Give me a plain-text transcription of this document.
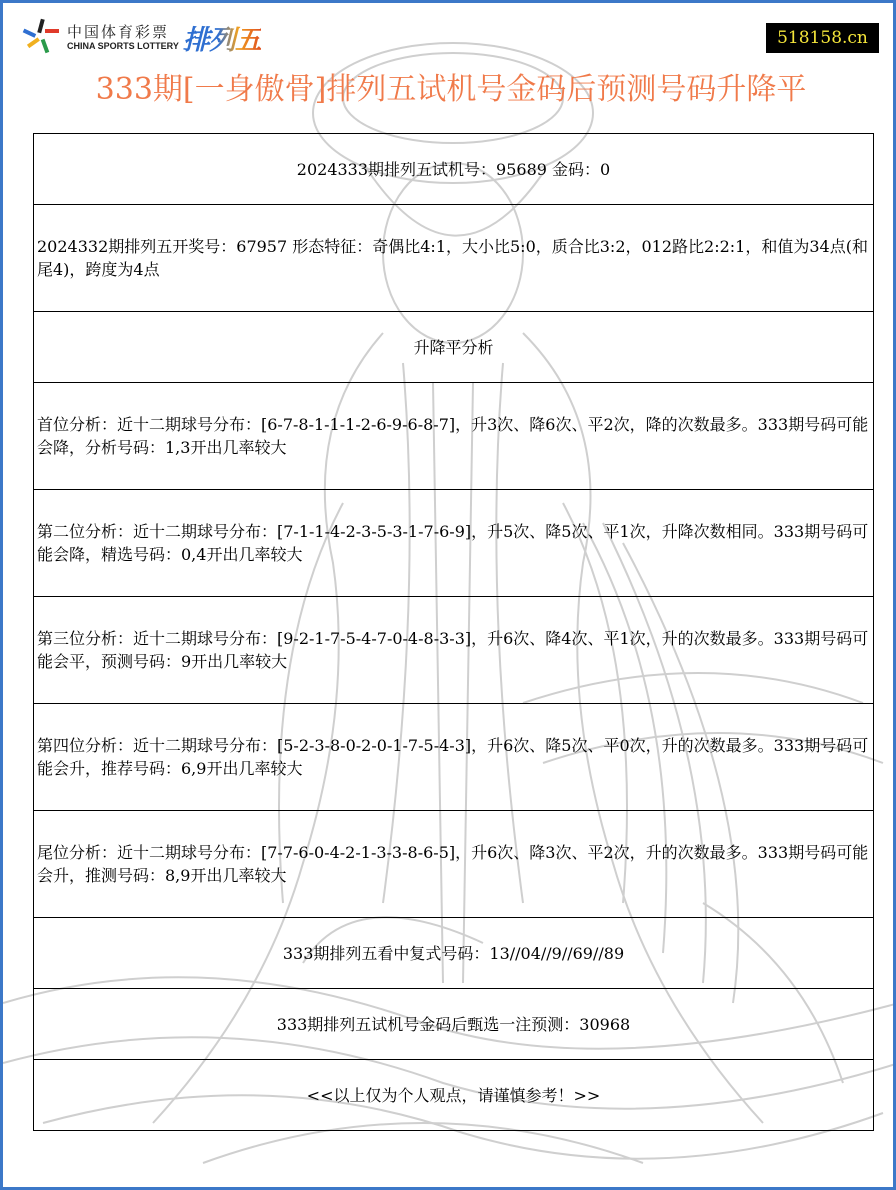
中国体育彩票
CHINA SPORTS LOTTERY 排列五	518158.cn
333期[一身傲骨]排列五试机号金码后预测号码升降平
2024333期排列五试机号：95689 金码：0
2024332期排列五开奖号：67957 形态特征：奇偶比4:1，大小比5:0，质合比3:2，012路比2:2:1，和值为34点(和尾4)，跨度为4点
升降平分析
首位分析：近十二期球号分布：[6-7-8-1-1-1-2-6-9-6-8-7]，升3次、降6次、平2次，降的次数最多。333期号码可能会降，分析号码：1,3开出几率较大
第二位分析：近十二期球号分布：[7-1-1-4-2-3-5-3-1-7-6-9]，升5次、降5次、平1次，升降次数相同。333期号码可能会降，精选号码：0,4开出几率较大
第三位分析：近十二期球号分布：[9-2-1-7-5-4-7-0-4-8-3-3]，升6次、降4次、平1次，升的次数最多。333期号码可能会平，预测号码：9开出几率较大
第四位分析：近十二期球号分布：[5-2-3-8-0-2-0-1-7-5-4-3]，升6次、降5次、平0次，升的次数最多。333期号码可能会升，推荐号码：6,9开出几率较大
尾位分析：近十二期球号分布：[7-7-6-0-4-2-1-3-3-8-6-5]，升6次、降3次、平2次，升的次数最多。333期号码可能会升，推测号码：8,9开出几率较大
333期排列五看中复式号码：13//04//9//69//89
333期排列五试机号金码后甄选一注预测：30968
<<以上仅为个人观点，请谨慎参考！>>
